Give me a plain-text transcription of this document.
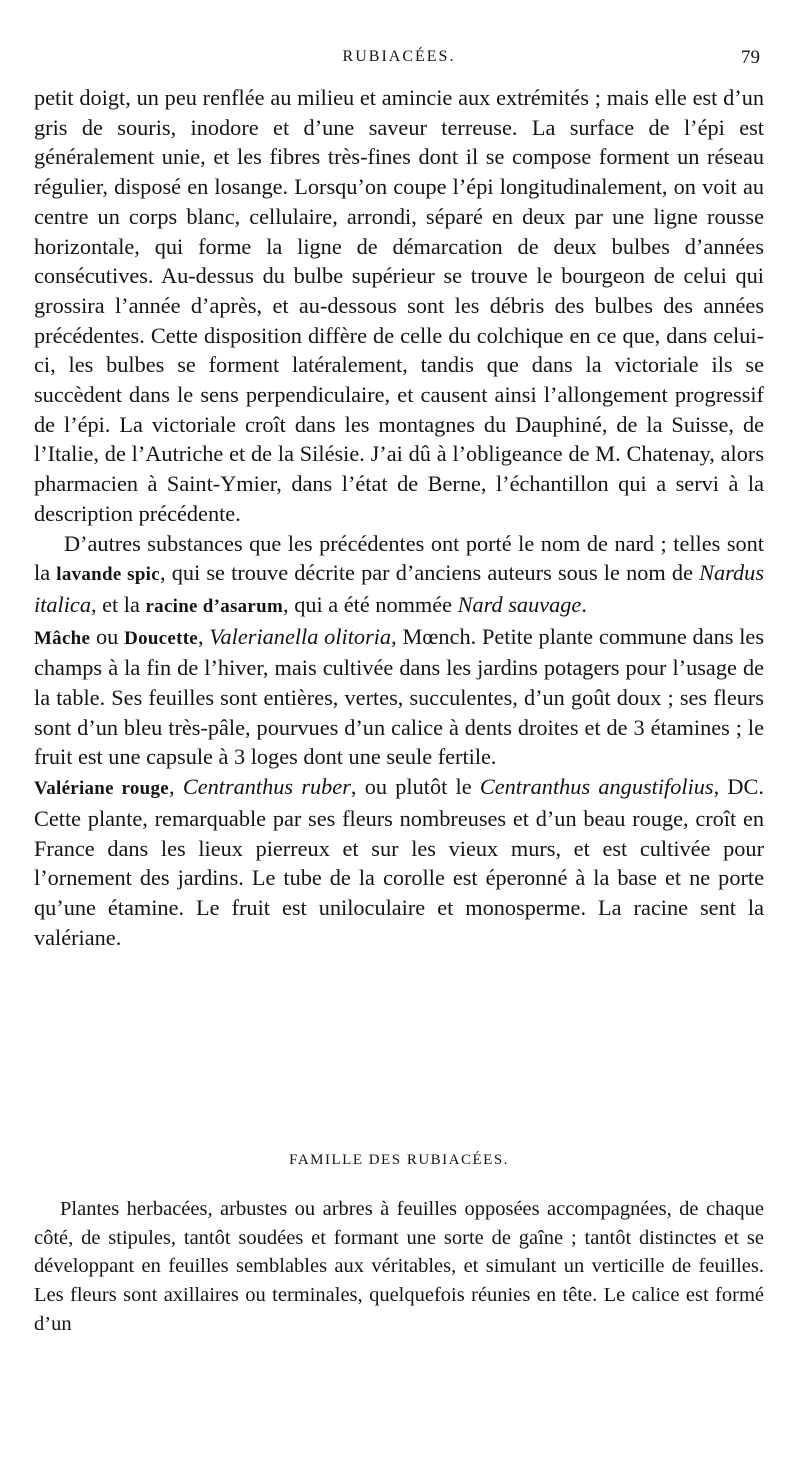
RUBIACÉES.	79

petit doigt, un peu renflée au milieu et amincie aux extrémités ; mais elle est d’un gris de souris, inodore et d’une saveur terreuse. La surface de l’épi est généralement unie, et les fibres très-fines dont il se compose forment un réseau régulier, disposé en losange. Lorsqu’on coupe l’épi longitudinalement, on voit au centre un corps blanc, cellulaire, arrondi, séparé en deux par une ligne rousse horizontale, qui forme la ligne de démarcation de deux bulbes d’années consécutives. Au-dessus du bulbe supérieur se trouve le bourgeon de celui qui grossira l’année d’après, et au-dessous sont les débris des bulbes des années précédentes. Cette disposition diffère de celle du colchique en ce que, dans celui-ci, les bulbes se forment latéralement, tandis que dans la victoriale ils se succèdent dans le sens perpendiculaire, et causent ainsi l’allongement progressif de l’épi. La victoriale croît dans les montagnes du Dauphiné, de la Suisse, de l’Italie, de l’Autriche et de la Silésie. J’ai dû à l’obligeance de M. Chatenay, alors pharmacien à Saint-Ymier, dans l’état de Berne, l’échantillon qui a servi à la description précédente.

D’autres substances que les précédentes ont porté le nom de nard ; telles sont la lavande spic, qui se trouve décrite par d’anciens auteurs sous le nom de Nardus italica, et la racine d’asarum, qui a été nommée Nard sauvage.

Mâche ou Doucette, Valerianella olitoria, Mœnch. Petite plante commune dans les champs à la fin de l’hiver, mais cultivée dans les jardins potagers pour l’usage de la table. Ses feuilles sont entières, vertes, succulentes, d’un goût doux ; ses fleurs sont d’un bleu très-pâle, pourvues d’un calice à dents droites et de 3 étamines ; le fruit est une capsule à 3 loges dont une seule fertile.

Valériane rouge, Centranthus ruber, ou plutôt le Centranthus angustifolius, DC. Cette plante, remarquable par ses fleurs nombreuses et d’un beau rouge, croît en France dans les lieux pierreux et sur les vieux murs, et est cultivée pour l’ornement des jardins. Le tube de la corolle est éperonné à la base et ne porte qu’une étamine. Le fruit est uniloculaire et monosperme. La racine sent la valériane.

FAMILLE DES RUBIACÉES.

Plantes herbacées, arbustes ou arbres à feuilles opposées accompagnées, de chaque côté, de stipules, tantôt soudées et formant une sorte de gaîne ; tantôt distinctes et se développant en feuilles semblables aux véritables, et simulant un verticille de feuilles. Les fleurs sont axillaires ou terminales, quelquefois réunies en tête. Le calice est formé d’un
